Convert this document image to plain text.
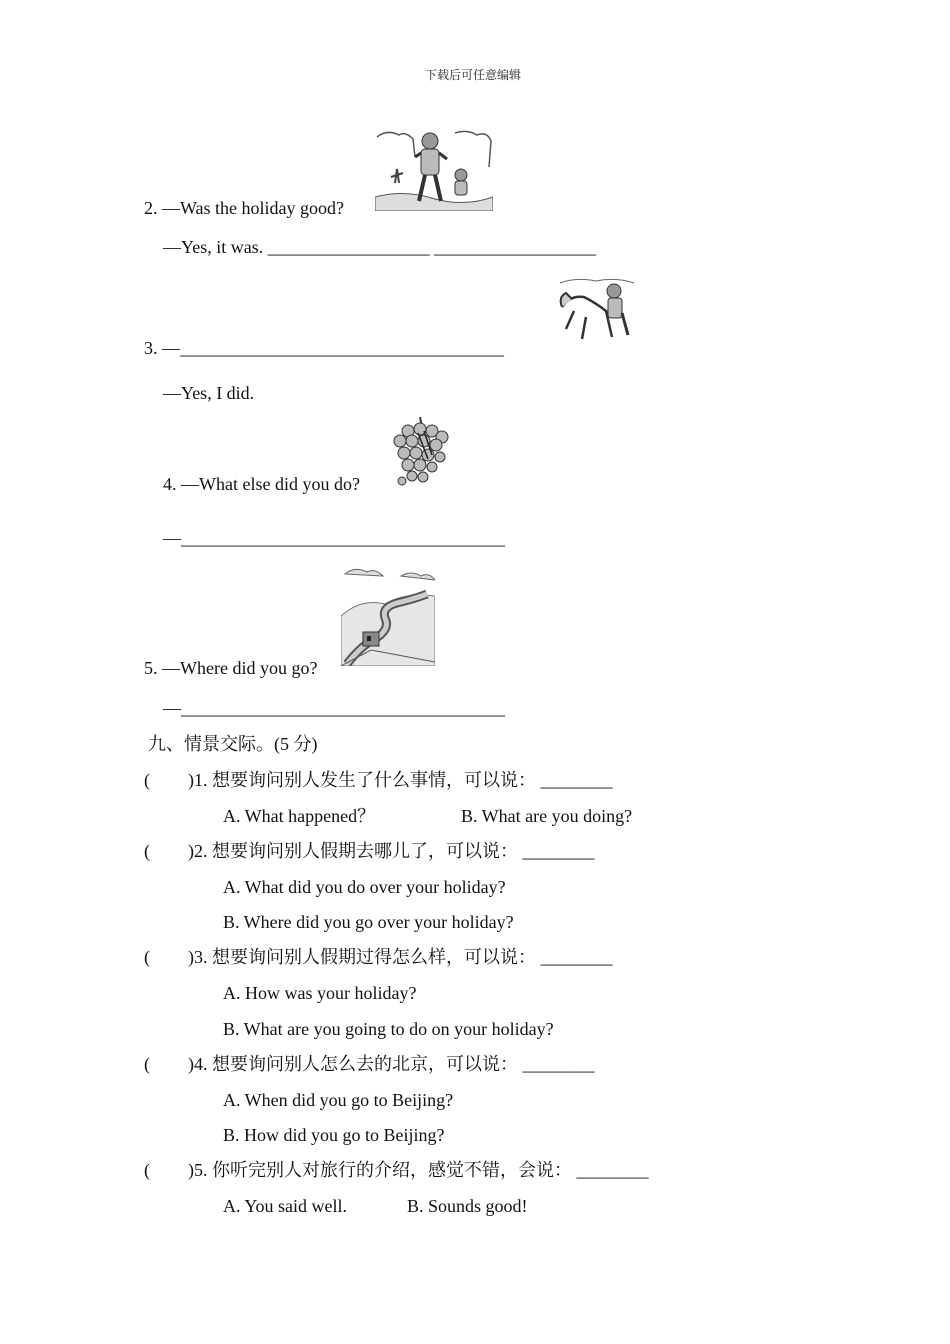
下载后可任意编辑
2. —Was the holiday good?
—Yes, it was. __________________ __________________
3. —____________________________________
—Yes, I did.
4. —What else did you do?
—____________________________________
5. —Where did you go?
—____________________________________
九、情景交际。(5 分)
( )1. 想要询问别人发生了什么事情，可以说： ________
A. What happened？	B. What are you doing?
( )2. 想要询问别人假期去哪儿了，可以说： ________
A. What did you do over your holiday?
B. Where did you go over your holiday?
( )3. 想要询问别人假期过得怎么样，可以说： ________
A. How was your holiday?
B. What are you going to do on your holiday?
( )4. 想要询问别人怎么去的北京，可以说： ________
A. When did you go to Beijing?
B. How did you go to Beijing?
( )5. 你听完别人对旅行的介绍，感觉不错，会说： ________
A. You said well.	B. Sounds good!
